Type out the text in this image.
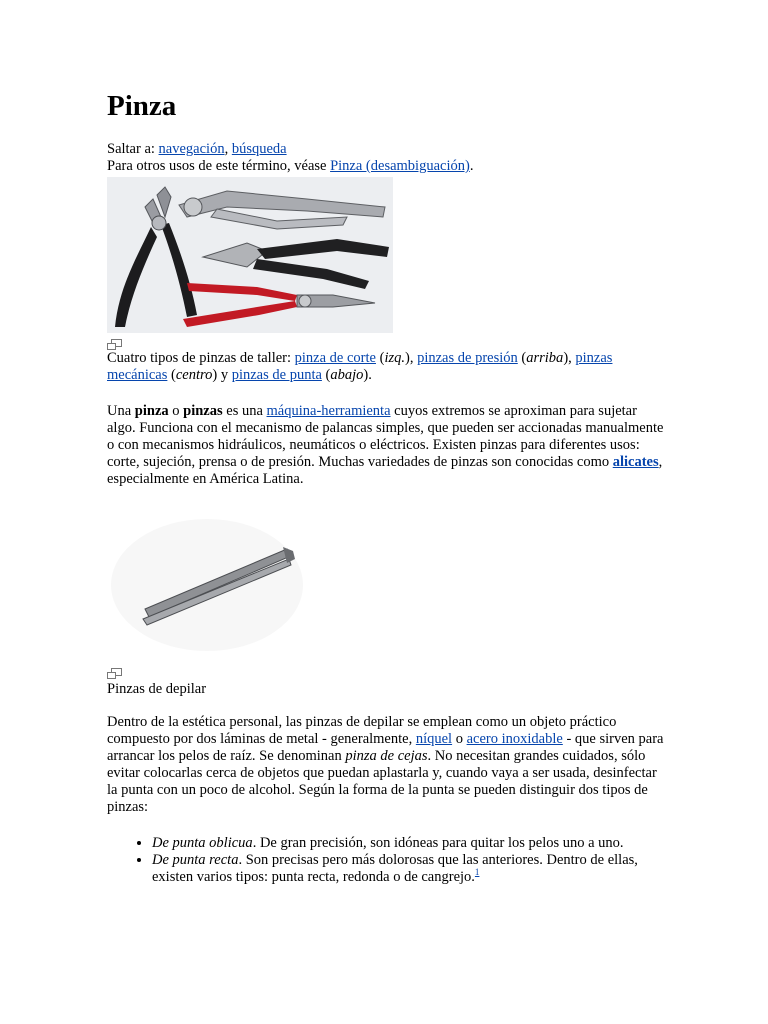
Pinza

Saltar a: navegación, búsqueda

Para otros usos de este término, véase Pinza (desambiguación).

Cuatro tipos de pinzas de taller: pinza de corte (izq.), pinzas de presión (arriba), pinzas mecánicas (centro) y pinzas de punta (abajo).

Una pinza o pinzas es una máquina-herramienta cuyos extremos se aproximan para sujetar algo. Funciona con el mecanismo de palancas simples, que pueden ser accionadas manualmente o con mecanismos hidráulicos, neumáticos o eléctricos. Existen pinzas para diferentes usos: corte, sujeción, prensa o de presión. Muchas variedades de pinzas son conocidas como alicates, especialmente en América Latina.

Pinzas de depilar

Dentro de la estética personal, las pinzas de depilar se emplean como un objeto práctico compuesto por dos láminas de metal - generalmente, níquel o acero inoxidable - que sirven para arrancar los pelos de raíz. Se denominan pinza de cejas. No necesitan grandes cuidados, sólo evitar colocarlas cerca de objetos que puedan aplastarla y, cuando vaya a ser usada, desinfectar la punta con un poco de alcohol. Según la forma de la punta se pueden distinguir dos tipos de pinzas:

• De punta oblicua. De gran precisión, son idóneas para quitar los pelos uno a uno.
• De punta recta. Son precisas pero más dolorosas que las anteriores. Dentro de ellas, existen varios tipos: punta recta, redonda o de cangrejo.$^1$
